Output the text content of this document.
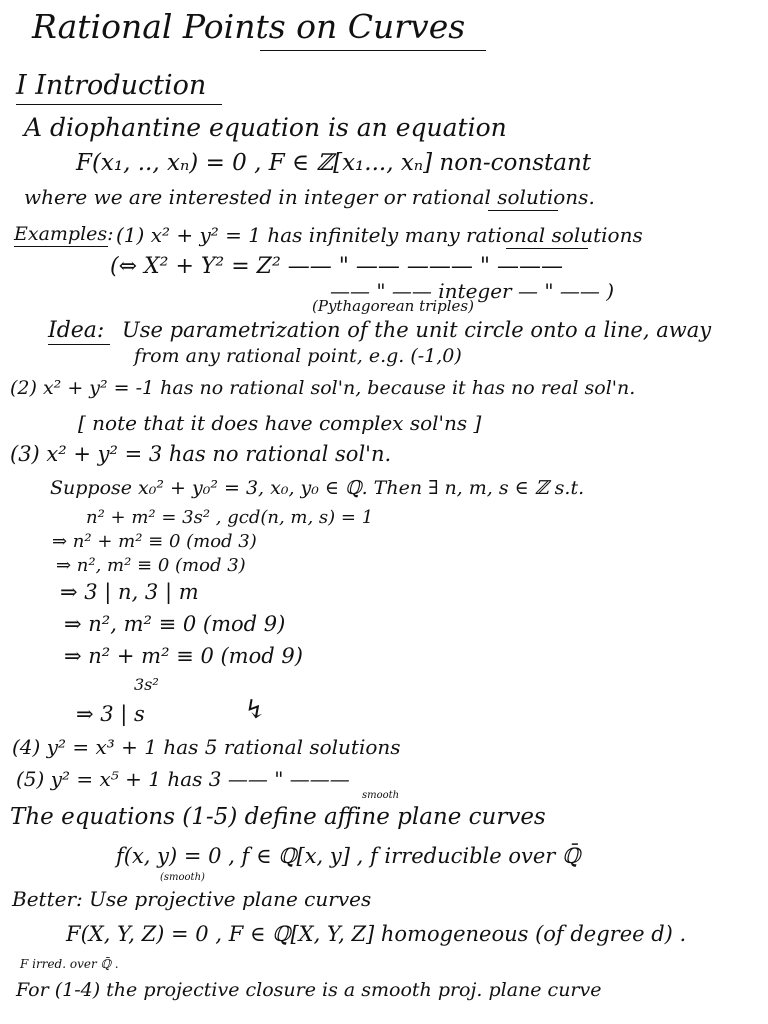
Rational Points on Curves
I Introduction
A diophantine equation is an equation
F(x₁, .., xₙ) = 0 , F ∈ ℤ[x₁..., xₙ] non-constant
where we are interested in integer or rational solutions.
Examples: (1) x² + y² = 1 has infinitely many rational solutions
(⇔ X² + Y² = Z² —— " —— ——— " ———
—— " —— integer — " —— )
(Pythagorean triples)
Idea: Use parametrization of the unit circle onto a line, away
from any rational point, e.g. (-1,0)
(2) x² + y² = -1 has no rational sol'n, because it has no real sol'n.
[ note that it does have complex sol'ns ]
(3) x² + y² = 3 has no rational sol'n.
Suppose x₀² + y₀² = 3, x₀, y₀ ∈ ℚ. Then ∃ n, m, s ∈ ℤ s.t.
n² + m² = 3s² , gcd(n, m, s) = 1
⇒ n² + m² ≡ 0 (mod 3)
⇒ n², m² ≡ 0 (mod 3)
⇒ 3 | n, 3 | m
⇒ n², m² ≡ 0 (mod 9)
⇒ n² + m² ≡ 0 (mod 9)
3s²
⇒ 3 | s	↯
(4) y² = x³ + 1 has 5 rational solutions
(5) y² = x⁵ + 1 has 3 —— " ———
smooth
The equations (1-5) define affine plane curves
f(x, y) = 0 , f ∈ ℚ[x, y] , f irreducible over ℚ̄
(smooth)
Better: Use projective plane curves
F(X, Y, Z) = 0 , F ∈ ℚ[X, Y, Z] homogeneous (of degree d) .
F irred. over ℚ̄ .
For (1-4) the projective closure is a smooth proj. plane curve
